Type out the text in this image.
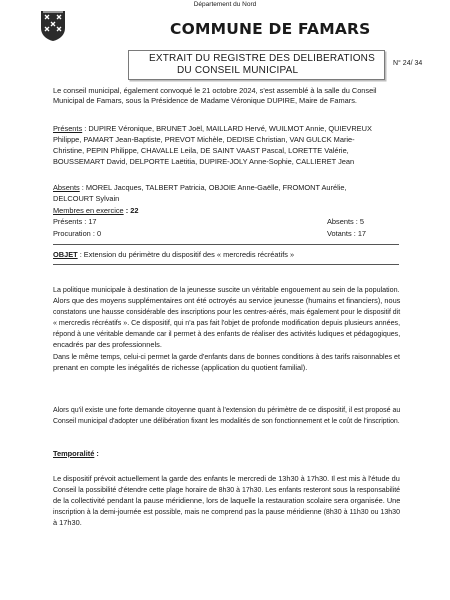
Département du Nord
COMMUNE DE FAMARS
EXTRAIT DU REGISTRE DES DELIBERATIONS
DU CONSEIL MUNICIPAL
N° 24/ 34
Le conseil municipal, également convoqué le 21 octobre 2024, s'est assemblé à la salle du Conseil
Municipal de Famars, sous la Présidence de Madame Véronique DUPIRE, Maire de Famars.
Présents : DUPIRE Véronique, BRUNET Joël, MAILLARD Hervé, WUILMOT Annie, QUIEVREUX
Philippe, PAMART Jean-Baptiste, PREVOT Michèle, DEDISE Christian, VAN GULCK Marie-
Christine, PEPIN Philippe, CHAVALLE Leila, DE SAINT VAAST Pascal, LORETTE Valérie,
BOUSSEMART David, DELPORTE Laëtitia, DUPIRE-JOLY Anne-Sophie, CALLIERET Jean
Absents : MOREL Jacques, TALBERT Patricia, OBJOIE Anne-Gaëlle, FROMONT Aurélie,
DELCOURT Sylvain
Membres en exercice : 22
Présents : 17	Absents : 5
Procuration : 0	Votants : 17
OBJET : Extension du périmètre du dispositif des « mercredis récréatifs »
La politique municipale à destination de la jeunesse suscite un véritable engouement au sein de la population.
Alors que des moyens supplémentaires ont été octroyés au service jeunesse (humains et financiers), nous
constatons une hausse considérable des inscriptions pour les centres-aérés, mais également pour le dispositif dit
« mercredis récréatifs ». Ce dispositif, qui n'a pas fait l'objet de profonde modification depuis plusieurs années,
répond à une véritable demande car il permet à des enfants de réaliser des activités ludiques et pédagogiques,
encadrés par des professionnels.
Dans le même temps, celui-ci permet la garde d'enfants dans de bonnes conditions à des tarifs raisonnables et
prenant en compte les inégalités de richesse (application du quotient familial).
Alors qu'il existe une forte demande citoyenne quant à l'extension du périmètre de ce dispositif, il est proposé au
Conseil municipal d'adopter une délibération fixant les modalités de son fonctionnement et le coût de l'inscription.
Temporalité :
Le dispositif prévoit actuellement la garde des enfants le mercredi de 13h30 à 17h30. Il est mis à l'étude du
Conseil la possibilité d'étendre cette plage horaire de 8h30 à 17h30. Les enfants resteront sous la responsabilité
de la collectivité pendant la pause méridienne, lors de laquelle la restauration scolaire sera organisée. Une
inscription à la demi-journée est possible, mais ne comprend pas la pause méridienne (8h30 à 11h30 ou 13h30
à 17h30.
